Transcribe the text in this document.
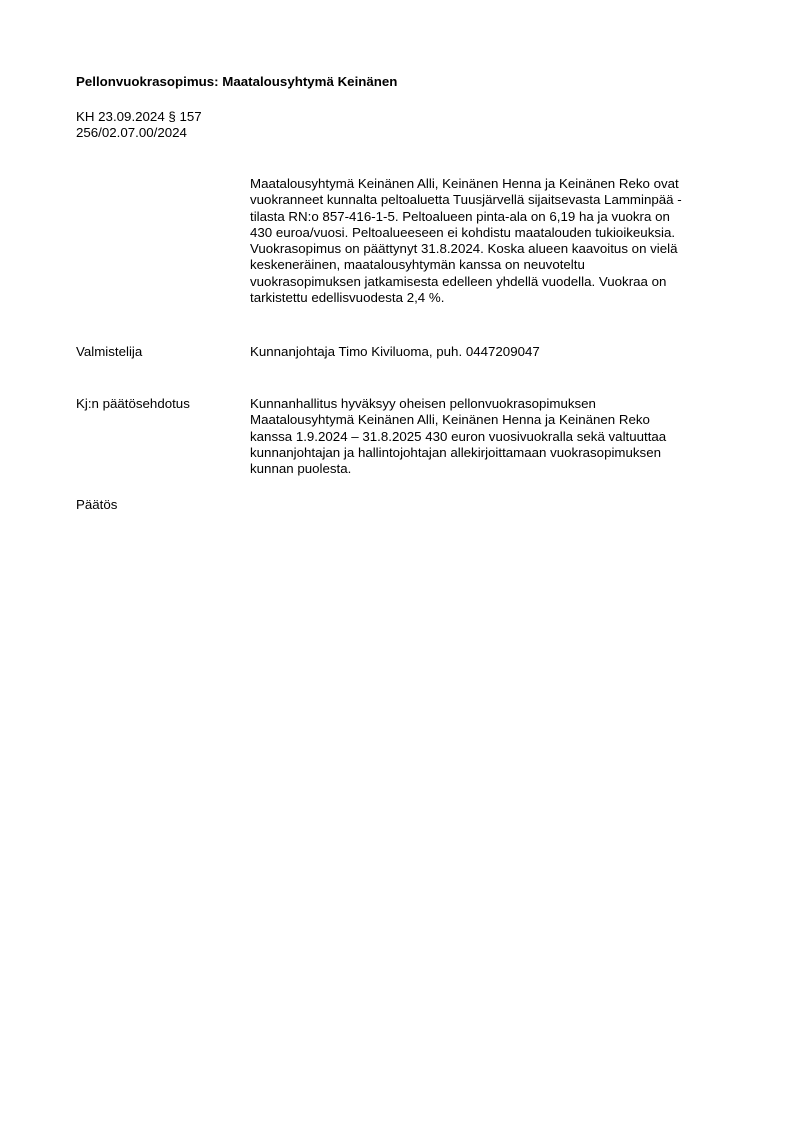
Pellonvuokrasopimus: Maatalousyhtymä Keinänen
KH 23.09.2024 § 157
256/02.07.00/2024
Maatalousyhtymä Keinänen Alli, Keinänen Henna ja Keinänen Reko ovat
vuokranneet kunnalta peltoaluetta Tuusjärvellä sijaitsevasta Lamminpää -
tilasta RN:o 857-416-1-5. Peltoalueen pinta-ala on 6,19 ha ja vuokra on
430 euroa/vuosi. Peltoalueeseen ei kohdistu maatalouden tukioikeuksia.
Vuokrasopimus on päättynyt 31.8.2024. Koska alueen kaavoitus on vielä
keskeneräinen, maatalousyhtymän kanssa on neuvoteltu
vuokrasopimuksen jatkamisesta edelleen yhdellä vuodella. Vuokraa on
tarkistettu edellisvuodesta 2,4 %.
Valmistelija	Kunnanjohtaja Timo Kiviluoma, puh. 0447209047
Kj:n päätösehdotus	Kunnanhallitus hyväksyy oheisen pellonvuokrasopimuksen
Maatalousyhtymä Keinänen Alli, Keinänen Henna ja Keinänen Reko
kanssa 1.9.2024 – 31.8.2025 430 euron vuosivuokralla sekä valtuuttaa
kunnanjohtajan ja hallintojohtajan allekirjoittamaan vuokrasopimuksen
kunnan puolesta.
Päätös
